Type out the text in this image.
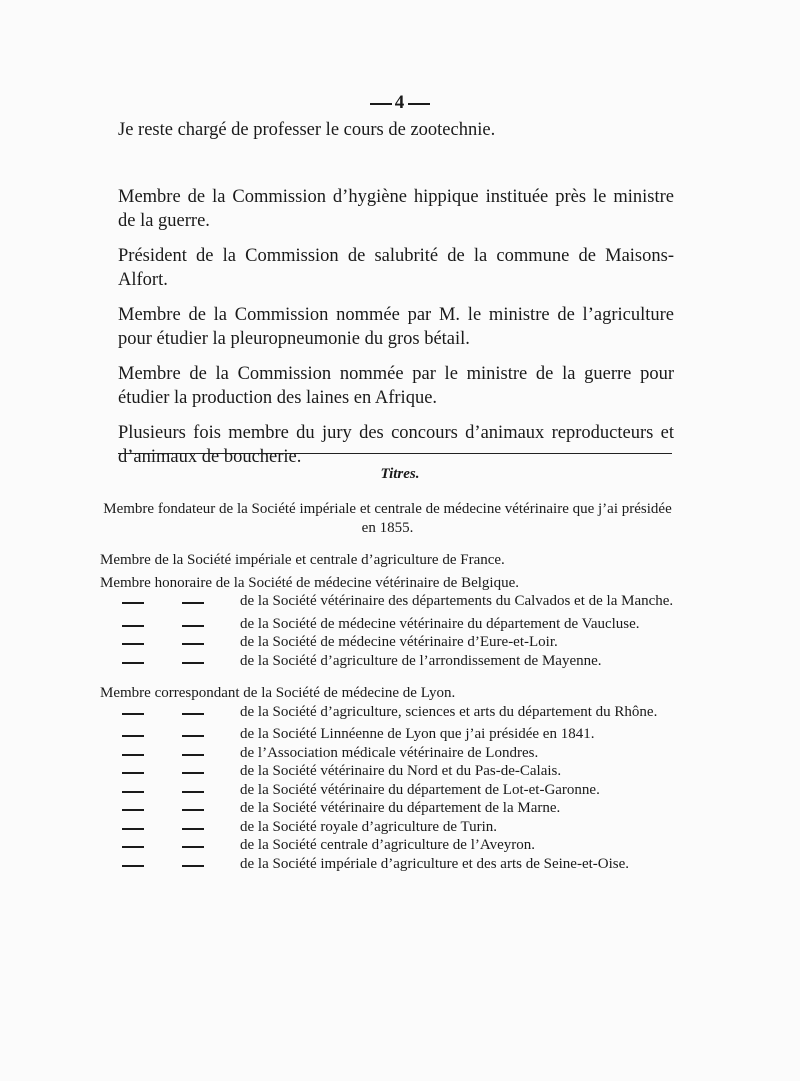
4

Je reste chargé de professer le cours de zootechnie.

Membre de la Commission d’hygiène hippique instituée près le ministre de la guerre.

Président de la Commission de salubrité de la commune de Maisons-Alfort.

Membre de la Commission nommée par M. le ministre de l’agriculture pour étudier la pleuropneumonie du gros bétail.

Membre de la Commission nommée par le ministre de la guerre pour étudier la production des laines en Afrique.

Plusieurs fois membre du jury des concours d’animaux reproducteurs et d’animaux de boucherie.

Titres.

Membre fondateur de la Société impériale et centrale de médecine vétérinaire que j’ai présidée en 1855.

Membre de la Société impériale et centrale d’agriculture de France.

Membre honoraire de la Société de médecine vétérinaire de Belgique.

de la Société vétérinaire des départements du Calvados et de la Manche.
de la Société de médecine vétérinaire du département de Vaucluse.
de la Société de médecine vétérinaire d’Eure-et-Loir.
de la Société d’agriculture de l’arrondissement de Mayenne.

Membre correspondant de la Société de médecine de Lyon.

de la Société d’agriculture, sciences et arts du département du Rhône.
de la Société Linnéenne de Lyon que j’ai présidée en 1841.
de l’Association médicale vétérinaire de Londres.
de la Société vétérinaire du Nord et du Pas-de-Calais.
de la Société vétérinaire du département de Lot-et-Garonne.
de la Société vétérinaire du département de la Marne.
de la Société royale d’agriculture de Turin.
de la Société centrale d’agriculture de l’Aveyron.
de la Société impériale d’agriculture et des arts de Seine-et-Oise.
